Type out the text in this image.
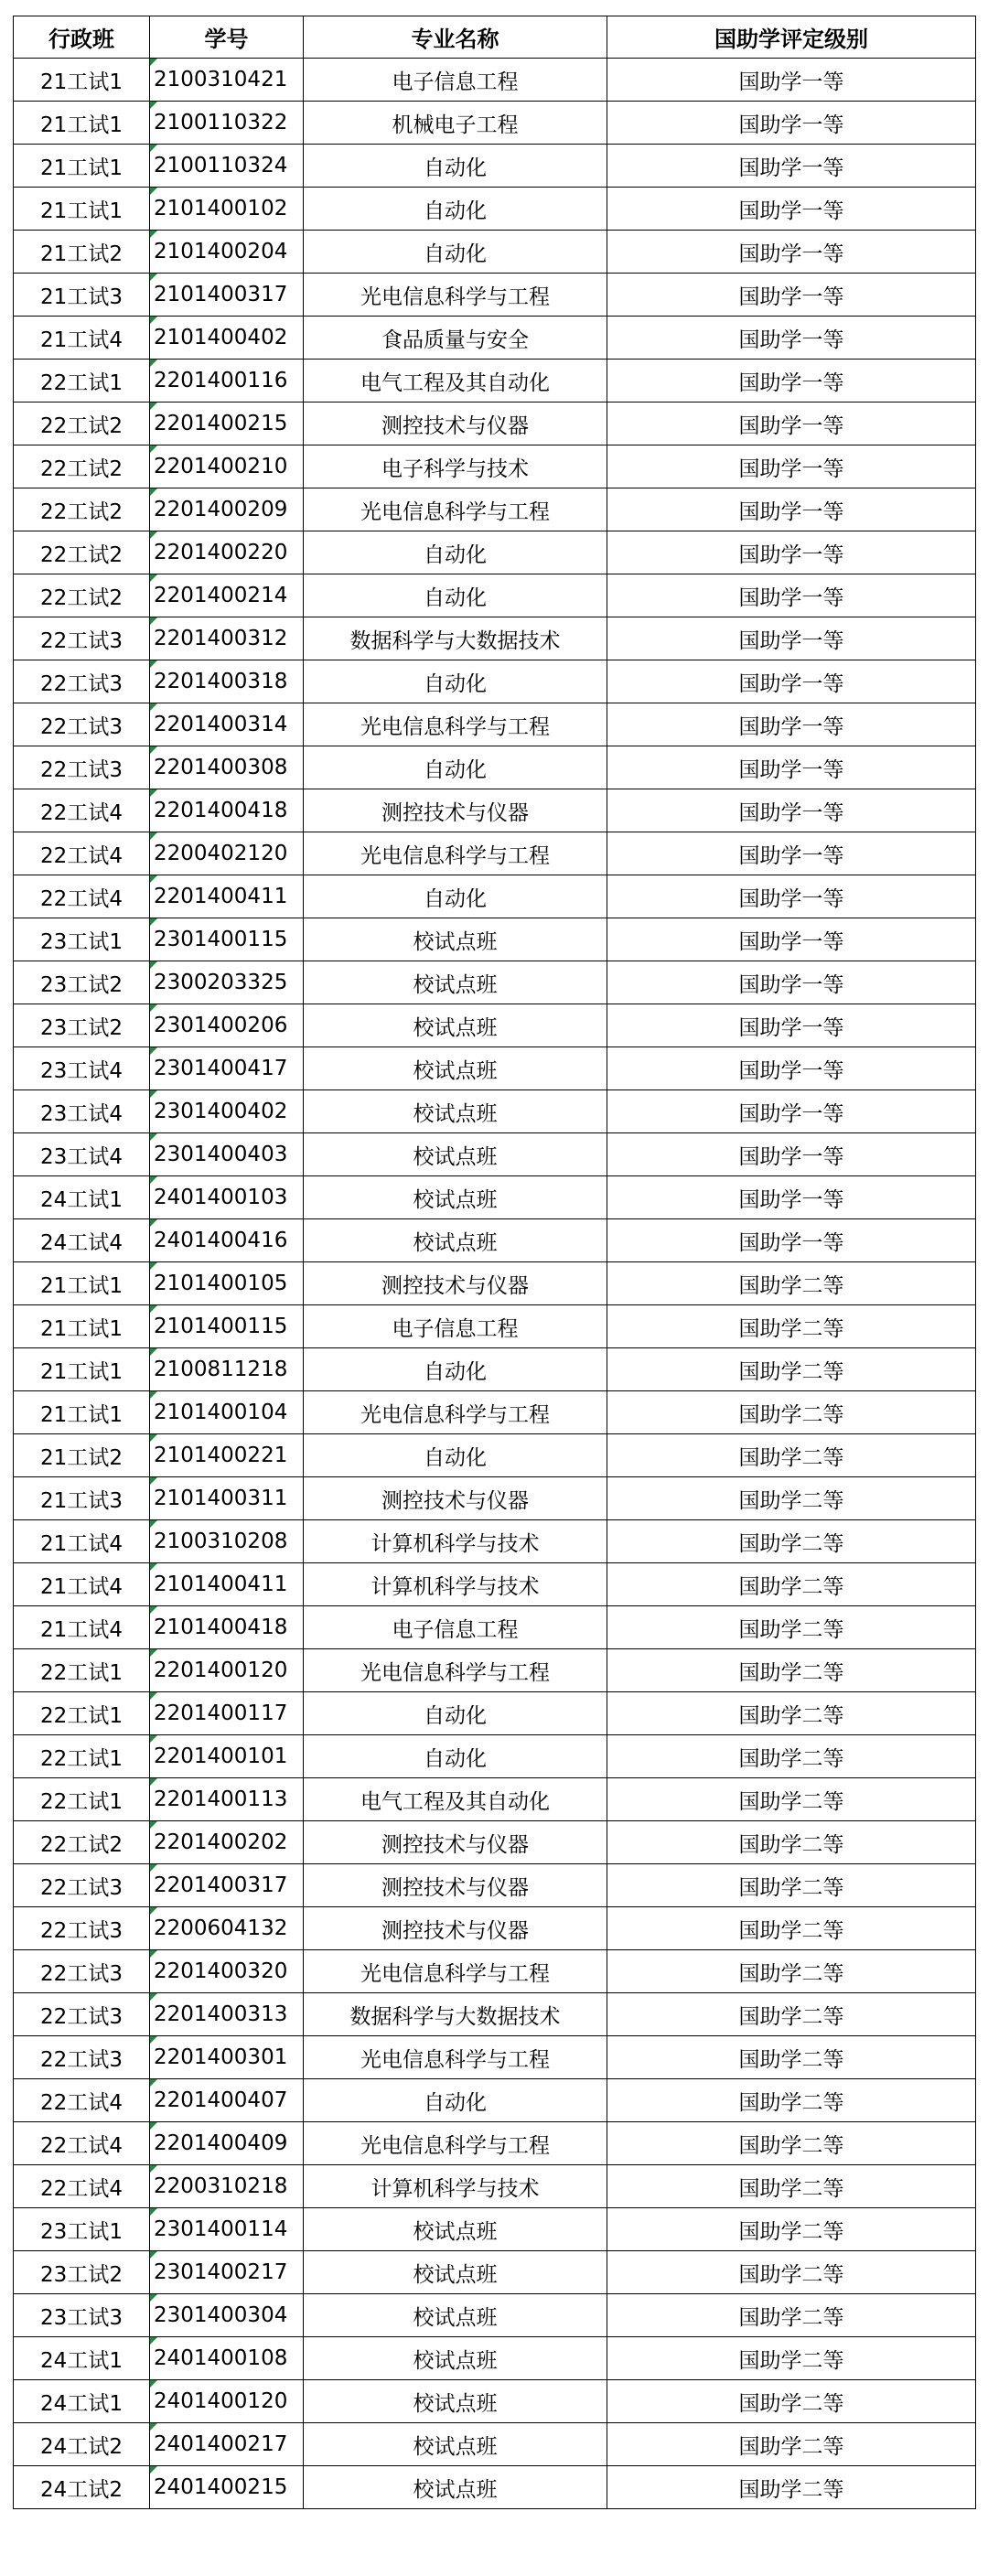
行政班	学号	专业名称	国助学评定级别
21工试1	2100310421	电子信息工程	国助学一等
21工试1	2100110322	机械电子工程	国助学一等
21工试1	2100110324	自动化	国助学一等
21工试1	2101400102	自动化	国助学一等
21工试2	2101400204	自动化	国助学一等
21工试3	2101400317	光电信息科学与工程	国助学一等
21工试4	2101400402	食品质量与安全	国助学一等
22工试1	2201400116	电气工程及其自动化	国助学一等
22工试2	2201400215	测控技术与仪器	国助学一等
22工试2	2201400210	电子科学与技术	国助学一等
22工试2	2201400209	光电信息科学与工程	国助学一等
22工试2	2201400220	自动化	国助学一等
22工试2	2201400214	自动化	国助学一等
22工试3	2201400312	数据科学与大数据技术	国助学一等
22工试3	2201400318	自动化	国助学一等
22工试3	2201400314	光电信息科学与工程	国助学一等
22工试3	2201400308	自动化	国助学一等
22工试4	2201400418	测控技术与仪器	国助学一等
22工试4	2200402120	光电信息科学与工程	国助学一等
22工试4	2201400411	自动化	国助学一等
23工试1	2301400115	校试点班	国助学一等
23工试2	2300203325	校试点班	国助学一等
23工试2	2301400206	校试点班	国助学一等
23工试4	2301400417	校试点班	国助学一等
23工试4	2301400402	校试点班	国助学一等
23工试4	2301400403	校试点班	国助学一等
24工试1	2401400103	校试点班	国助学一等
24工试4	2401400416	校试点班	国助学一等
21工试1	2101400105	测控技术与仪器	国助学二等
21工试1	2101400115	电子信息工程	国助学二等
21工试1	2100811218	自动化	国助学二等
21工试1	2101400104	光电信息科学与工程	国助学二等
21工试2	2101400221	自动化	国助学二等
21工试3	2101400311	测控技术与仪器	国助学二等
21工试4	2100310208	计算机科学与技术	国助学二等
21工试4	2101400411	计算机科学与技术	国助学二等
21工试4	2101400418	电子信息工程	国助学二等
22工试1	2201400120	光电信息科学与工程	国助学二等
22工试1	2201400117	自动化	国助学二等
22工试1	2201400101	自动化	国助学二等
22工试1	2201400113	电气工程及其自动化	国助学二等
22工试2	2201400202	测控技术与仪器	国助学二等
22工试3	2201400317	测控技术与仪器	国助学二等
22工试3	2200604132	测控技术与仪器	国助学二等
22工试3	2201400320	光电信息科学与工程	国助学二等
22工试3	2201400313	数据科学与大数据技术	国助学二等
22工试3	2201400301	光电信息科学与工程	国助学二等
22工试4	2201400407	自动化	国助学二等
22工试4	2201400409	光电信息科学与工程	国助学二等
22工试4	2200310218	计算机科学与技术	国助学二等
23工试1	2301400114	校试点班	国助学二等
23工试2	2301400217	校试点班	国助学二等
23工试3	2301400304	校试点班	国助学二等
24工试1	2401400108	校试点班	国助学二等
24工试1	2401400120	校试点班	国助学二等
24工试2	2401400217	校试点班	国助学二等
24工试2	2401400215	校试点班	国助学二等
